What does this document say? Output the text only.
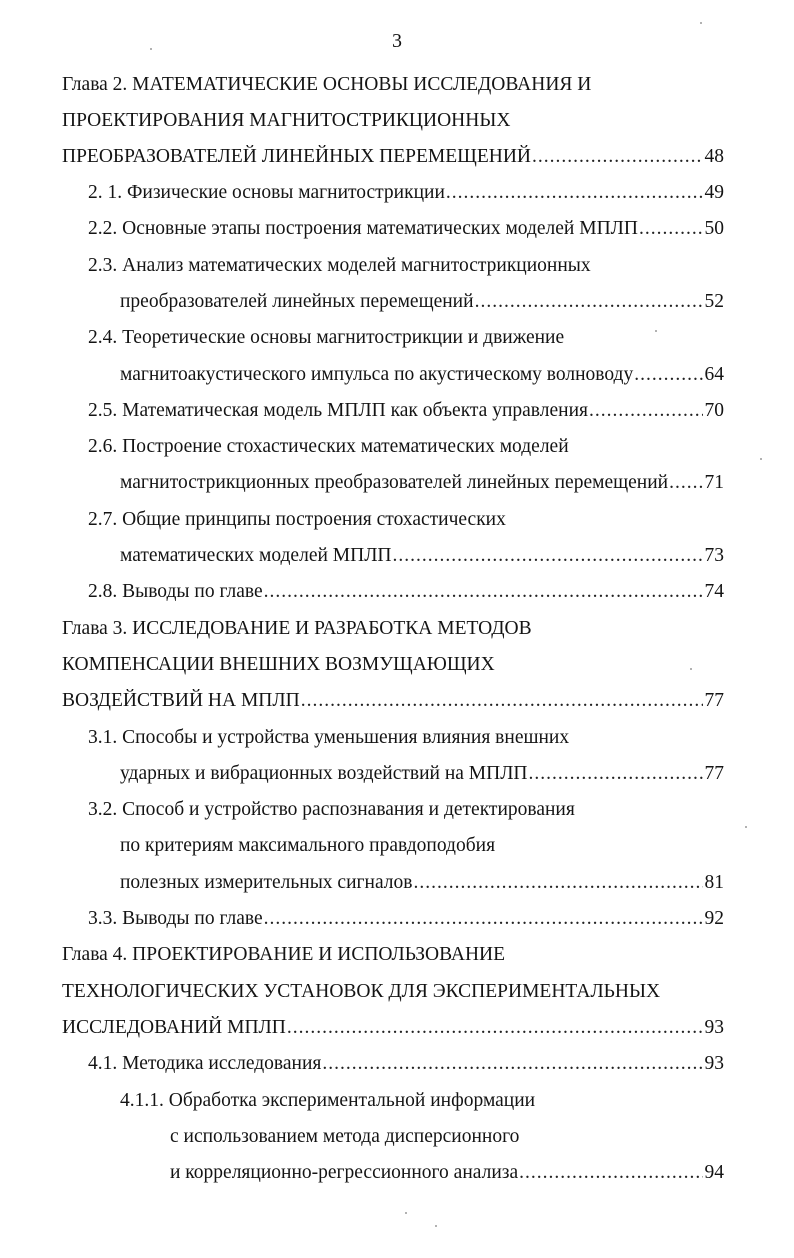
3
Глава 2. МАТЕМАТИЧЕСКИЕ ОСНОВЫ ИССЛЕДОВАНИЯ И
ПРОЕКТИРОВАНИЯ МАГНИТОСТРИКЦИОННЫХ
ПРЕОБРАЗОВАТЕЛЕЙ ЛИНЕЙНЫХ ПЕРЕМЕЩЕНИЙ .....	48
2. 1. Физические основы магнитострикции .....	49
2.2. Основные этапы построения математических моделей МПЛП .....	50
2.3. Анализ математических моделей магнитострикционных
преобразователей линейных перемещений .....	52
2.4. Теоретические основы магнитострикции и движение
магнитоакустического импульса по акустическому волноводу .....	64
2.5. Математическая модель МПЛП как объекта управления .....	70
2.6. Построение стохастических математических моделей
магнитострикционных преобразователей линейных перемещений ..... 71
2.7. Общие принципы построения стохастических
математических моделей МПЛП .....	73
2.8. Выводы по главе .....	74
Глава 3. ИССЛЕДОВАНИЕ И РАЗРАБОТКА МЕТОДОВ
КОМПЕНСАЦИИ ВНЕШНИХ ВОЗМУЩАЮЩИХ
ВОЗДЕЙСТВИЙ НА МПЛП .....	77
3.1. Способы и устройства уменьшения влияния внешних
ударных и вибрационных воздействий на МПЛП .....	77
3.2. Способ и устройство распознавания и детектирования
по критериям максимального правдоподобия
полезных измерительных сигналов .....	81
3.3. Выводы по главе .....	92
Глава 4. ПРОЕКТИРОВАНИЕ И ИСПОЛЬЗОВАНИЕ
ТЕХНОЛОГИЧЕСКИХ УСТАНОВОК ДЛЯ ЭКСПЕРИМЕНТАЛЬНЫХ
ИССЛЕДОВАНИЙ МПЛП .....	93
4.1. Методика исследования .....	93
4.1.1. Обработка экспериментальной информации
с использованием метода дисперсионного
и корреляционно-регрессионного анализа .....	94
